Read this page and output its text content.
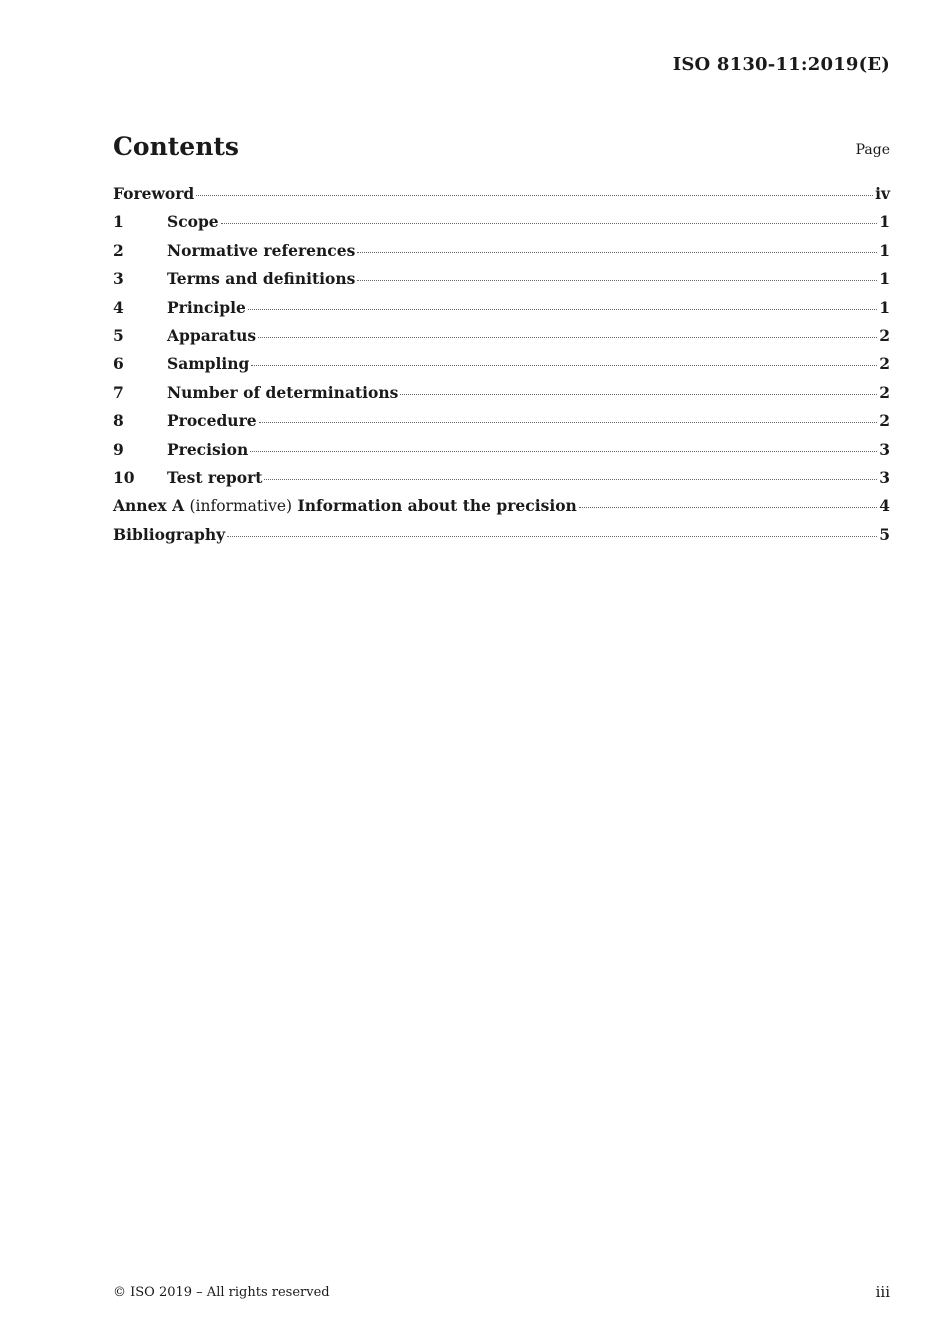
ISO 8130-11:2019(E)
Contents	Page
Foreword	iv
1	Scope	1
2	Normative references	1
3	Terms and definitions	1
4	Principle	1
5	Apparatus	2
6	Sampling	2
7	Number of determinations	2
8	Procedure	2
9	Precision	3
10	Test report	3
Annex A (informative) Information about the precision	4
Bibliography	5
© ISO 2019 – All rights reserved	iii
